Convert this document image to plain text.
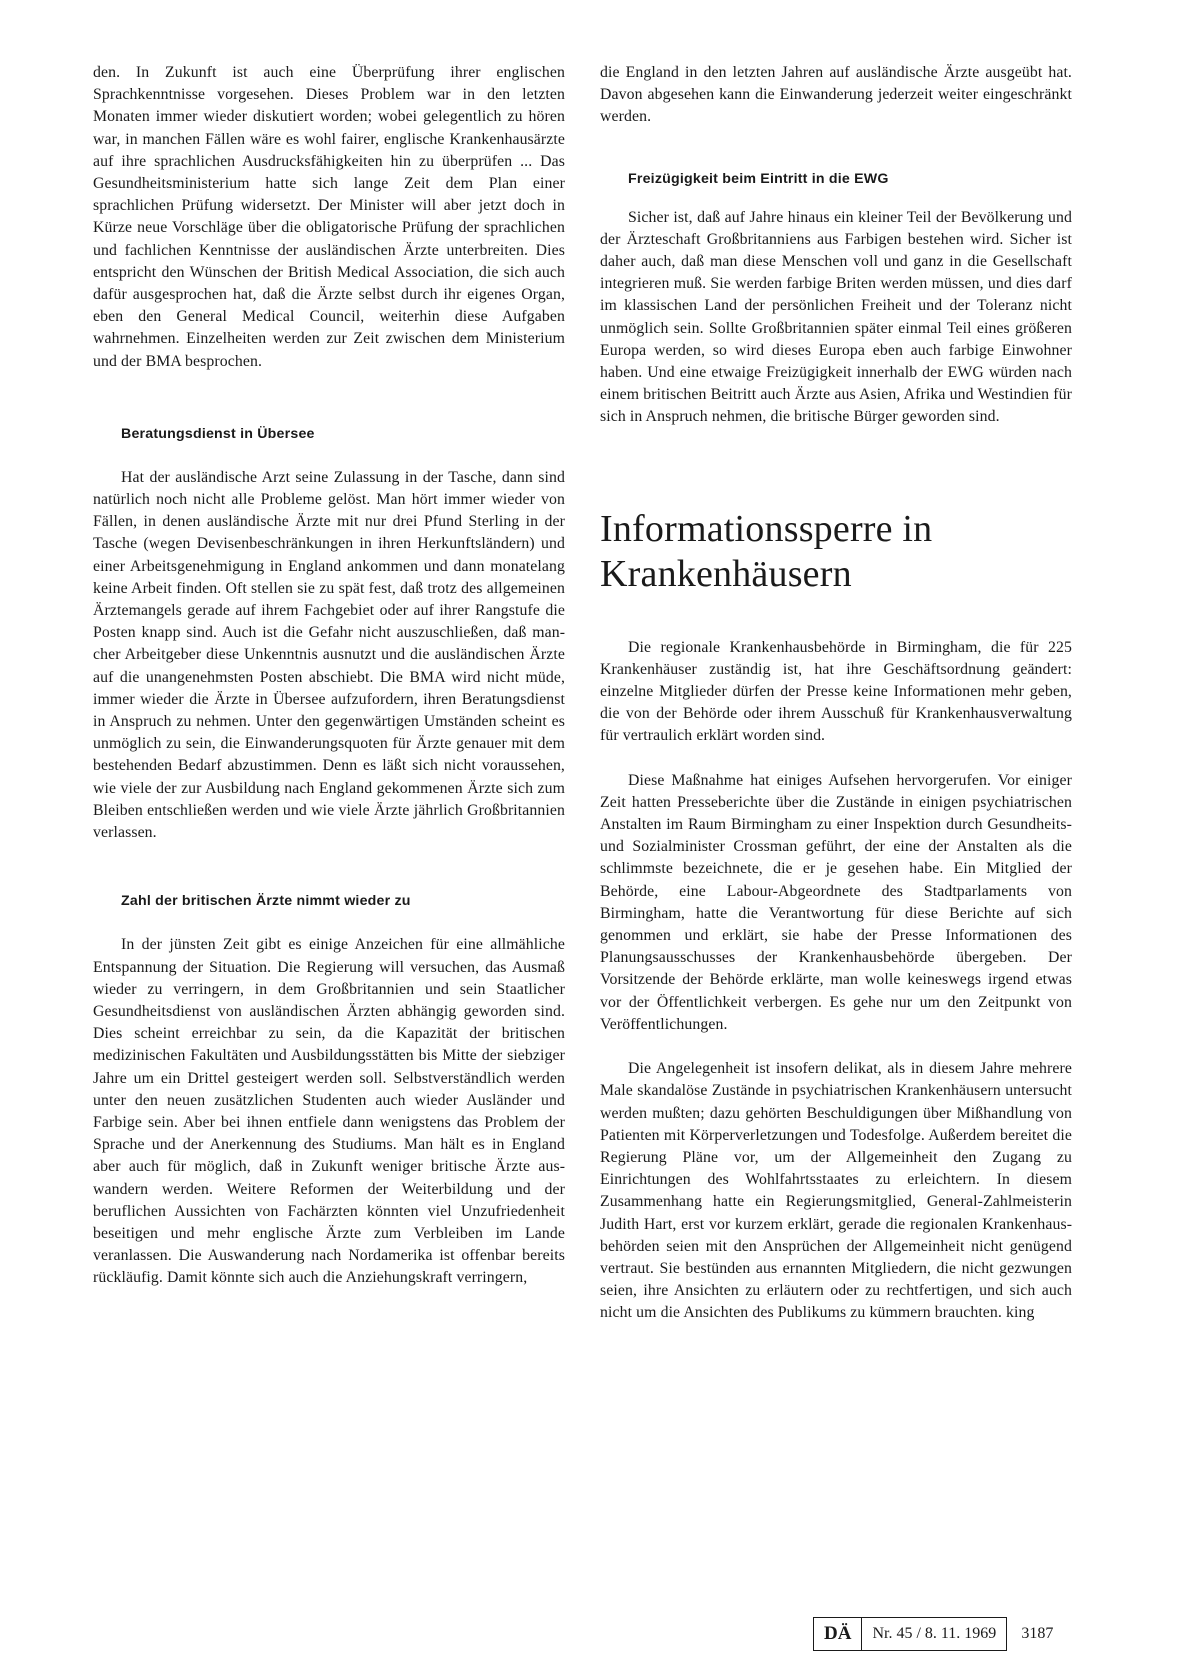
den. In Zukunft ist auch eine Überprüfung ihrer englischen Sprachkenntnisse vorgesehen. Dieses Problem war in den letzten Monaten immer wieder diskutiert worden; wobei gelegentlich zu hören war, in manchen Fällen wäre es wohl fairer, englische Krankenhausärzte auf ihre sprachlichen Ausdrucksfähigkeiten hin zu überprüfen ... Das Gesundheitsministerium hatte sich lange Zeit dem Plan einer sprachlichen Prüfung widersetzt. Der Minister will aber jetzt doch in Kürze neue Vorschläge über die obligatorische Prüfung der sprachlichen und fachlichen Kenntnisse der ausländischen Ärzte unterbreiten. Dies entspricht den Wünschen der British Medical Association, die sich auch dafür ausgesprochen hat, daß die Ärzte selbst durch ihr eigenes Organ, eben den General Medical Council, weiterhin diese Aufgaben wahrnehmen. Einzelheiten werden zur Zeit zwischen dem Ministerium und der BMA besprochen.

Beratungsdienst in Übersee

Hat der ausländische Arzt seine Zulassung in der Tasche, dann sind natürlich noch nicht alle Probleme gelöst. Man hört immer wieder von Fällen, in denen ausländische Ärzte mit nur drei Pfund Sterling in der Tasche (wegen Devisenbeschränkungen in ihren Herkunftsländern) und einer Arbeitsgenehmigung in England ankommen und dann monatelang keine Arbeit finden. Oft stellen sie zu spät fest, daß trotz des allgemeinen Ärztemangels gerade auf ihrem Fachgebiet oder auf ihrer Rangstufe die Posten knapp sind. Auch ist die Gefahr nicht auszuschließen, daß mancher Arbeitgeber diese Unkenntnis ausnutzt und die ausländischen Ärzte auf die unangenehmsten Posten abschiebt. Die BMA wird nicht müde, immer wieder die Ärzte in Übersee aufzufordern, ihren Beratungsdienst in Anspruch zu nehmen. Unter den gegenwärtigen Umständen scheint es unmöglich zu sein, die Einwanderungsquoten für Ärzte genauer mit dem bestehenden Bedarf abzustimmen. Denn es läßt sich nicht voraussehen, wie viele der zur Ausbildung nach England gekommenen Ärzte sich zum Bleiben entschließen werden und wie viele Ärzte jährlich Großbritannien verlassen.

Zahl der britischen Ärzte nimmt wieder zu

In der jünsten Zeit gibt es einige Anzeichen für eine allmähliche Entspannung der Situation. Die Regierung will versuchen, das Ausmaß wieder zu verringern, in dem Großbritannien und sein Staatlicher Gesundheitsdienst von ausländischen Ärzten abhängig geworden sind. Dies scheint erreichbar zu sein, da die Kapazität der britischen medizinischen Fakultäten und Ausbildungsstätten bis Mitte der siebziger Jahre um ein Drittel gesteigert werden soll. Selbstverständlich werden unter den neuen zusätzlichen Studenten auch wieder Ausländer und Farbige sein. Aber bei ihnen entfiele dann wenigstens das Problem der Sprache und der Anerkennung des Studiums. Man hält es in England aber auch für möglich, daß in Zukunft weniger britische Ärzte auswandern werden. Weitere Reformen der Weiterbildung und der beruflichen Aussichten von Fachärzten könnten viel Unzufriedenheit beseitigen und mehr englische Ärzte zum Verbleiben im Lande veranlassen. Die Auswanderung nach Nordamerika ist offenbar bereits rückläufig. Damit könnte sich auch die Anziehungskraft verringern,

die England in den letzten Jahren auf ausländische Ärzte ausgeübt hat. Davon abgesehen kann die Einwanderung jederzeit weiter eingeschränkt werden.

Freizügigkeit beim Eintritt in die EWG

Sicher ist, daß auf Jahre hinaus ein kleiner Teil der Bevölkerung und der Ärzteschaft Großbritanniens aus Farbigen bestehen wird. Sicher ist daher auch, daß man diese Menschen voll und ganz in die Gesellschaft integrieren muß. Sie werden farbige Briten werden müssen, und dies darf im klassischen Land der persönlichen Freiheit und der Toleranz nicht unmöglich sein. Sollte Großbritannien später einmal Teil eines größeren Europa werden, so wird dieses Europa eben auch farbige Einwohner haben. Und eine etwaige Freizügigkeit innerhalb der EWG würden nach einem britischen Beitritt auch Ärzte aus Asien, Afrika und Westindien für sich in Anspruch nehmen, die britische Bürger geworden sind.

Informationssperre in Krankenhäusern

Die regionale Krankenhausbehörde in Birmingham, die für 225 Krankenhäuser zuständig ist, hat ihre Geschäftsordnung geändert: einzelne Mitglieder dürfen der Presse keine Informationen mehr geben, die von der Behörde oder ihrem Ausschuß für Krankenhausverwaltung für vertraulich erklärt worden sind.

Diese Maßnahme hat einiges Aufsehen hervorgerufen. Vor einiger Zeit hatten Presseberichte über die Zustände in einigen psychiatrischen Anstalten im Raum Birmingham zu einer Inspektion durch Gesundheits- und Sozialminister Crossman geführt, der eine der Anstalten als die schlimmste bezeichnete, die er je gesehen habe. Ein Mitglied der Behörde, eine Labour-Abgeordnete des Stadtparlaments von Birmingham, hatte die Verantwortung für diese Berichte auf sich genommen und erklärt, sie habe der Presse Informationen des Planungsausschusses der Krankenhausbehörde übergeben. Der Vorsitzende der Behörde erklärte, man wolle keineswegs irgend etwas vor der Öffentlichkeit verbergen. Es gehe nur um den Zeitpunkt von Veröffentlichungen.

Die Angelegenheit ist insofern delikat, als in diesem Jahre mehrere Male skandalöse Zustände in psychiatrischen Krankenhäusern untersucht werden mußten; dazu gehörten Beschuldigungen über Mißhandlung von Patienten mit Körperverletzungen und Todesfolge. Außerdem bereitet die Regierung Pläne vor, um der Allgemeinheit den Zugang zu Einrichtungen des Wohlfahrtsstaates zu erleichtern. In diesem Zusammenhang hatte ein Regierungsmitglied, General-Zahlmeisterin Judith Hart, erst vor kurzem erklärt, gerade die regionalen Krankenhausbehörden seien mit den Ansprüchen der Allgemeinheit nicht genügend vertraut. Sie bestünden aus ernannten Mitgliedern, die nicht gezwungen seien, ihre Ansichten zu erläutern oder zu rechtfertigen, und sich auch nicht um die Ansichten des Publikums zu kümmern brauchten. king

DÄ	Nr. 45 / 8. 11. 1969	3187
